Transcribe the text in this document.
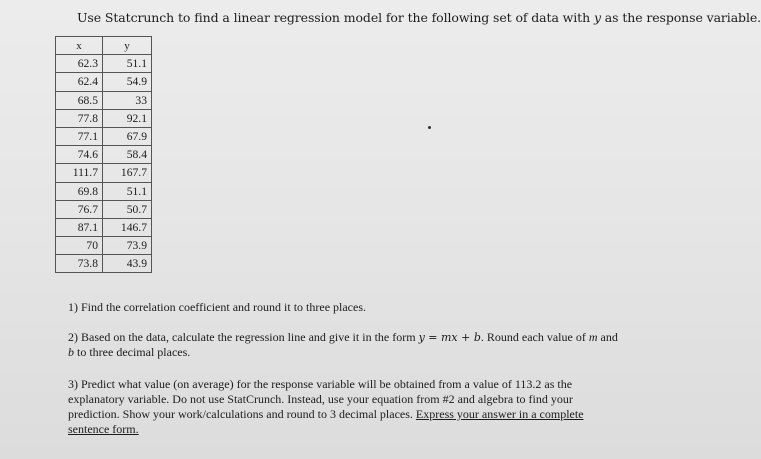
Use Statcrunch to find a linear regression model for the following set of data with y as the response variable.
x	y
62.3	51.1
62.4	54.9
68.5	33
77.8	92.1
77.1	67.9
74.6	58.4
111.7	167.7
69.8	51.1
76.7	50.7
87.1	146.7
70	73.9
73.8	43.9
1) Find the correlation coefficient and round it to three places.
2) Based on the data, calculate the regression line and give it in the form y = mx + b. Round each value of m and
b to three decimal places.
3) Predict what value (on average) for the response variable will be obtained from a value of 113.2 as the
explanatory variable. Do not use StatCrunch. Instead, use your equation from #2 and algebra to find your
prediction. Show your work/calculations and round to 3 decimal places. Express your answer in a complete
sentence form.
